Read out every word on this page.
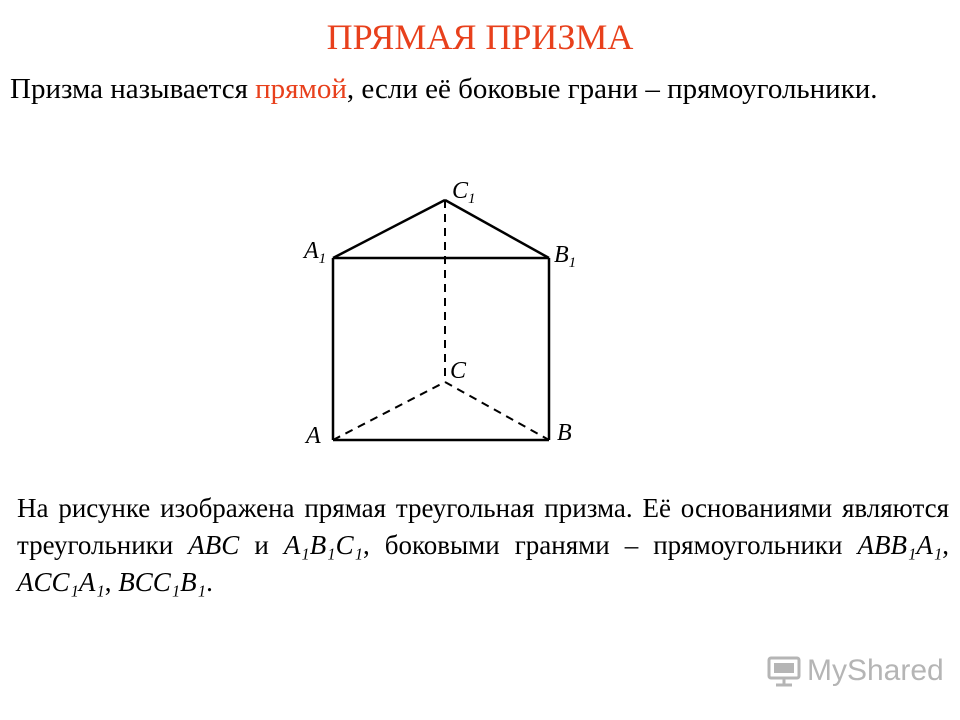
ПРЯМАЯ ПРИЗМА
Призма называется прямой, если её боковые грани – прямоугольники.
$C_1$
$A_1$	$B_1$
C
A	B
На рисунке изображена прямая треугольная призма. Её основаниями являются треугольники ABC и A₁B₁C₁, боковыми гранями – прямоугольники ABB₁A₁, ACC₁A₁, BCC₁B₁.
MyShared
